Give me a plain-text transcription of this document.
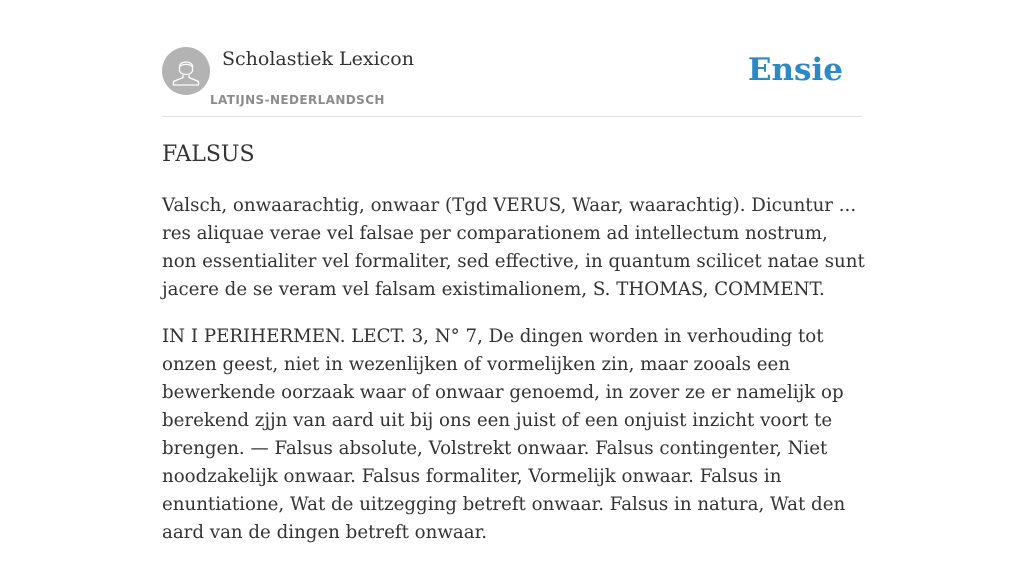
Scholastiek Lexicon
LATIJNS-NEDERLANDSCH
Ensie
FALSUS

Valsch, onwaarachtig, onwaar (Tgd VERUS, Waar, waarachtig). Dicuntur ... res aliquae verae vel falsae per comparationem ad intellectum nostrum, non essentialiter vel formaliter, sed effective, in quantum scilicet natae sunt jacere de se veram vel falsam existimalionem, S. THOMAS, COMMENT.

IN I PERIHERMEN. LECT. 3, N° 7, De dingen worden in verhouding tot onzen geest, niet in wezenlijken of vormelijken zin, maar zooals een bewerkende oorzaak waar of onwaar genoemd, in zover ze er namelijk op berekend zjjn van aard uit bij ons een juist of een onjuist inzicht voort te brengen. — Falsus absolute, Volstrekt onwaar. Falsus contingenter, Niet noodzakelijk onwaar. Falsus formaliter, Vormelijk onwaar. Falsus in enuntiatione, Wat de uitzegging betreft onwaar. Falsus in natura, Wat den aard van de dingen betreft onwaar.
